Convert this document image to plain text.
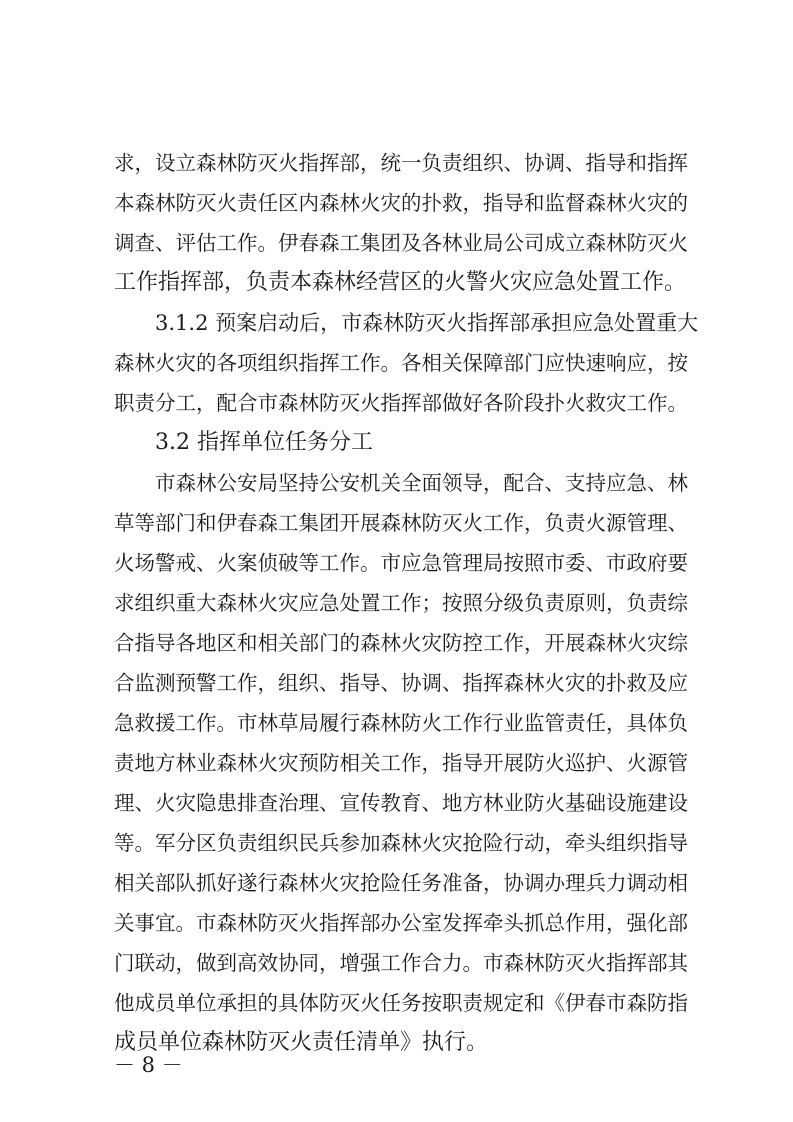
求，设立森林防灭火指挥部，统一负责组织、协调、指导和指挥
本森林防灭火责任区内森林火灾的扑救，指导和监督森林火灾的
调查、评估工作。伊春森工集团及各林业局公司成立森林防灭火
工作指挥部，负责本森林经营区的火警火灾应急处置工作。
3.1.2 预案启动后，市森林防灭火指挥部承担应急处置重大
森林火灾的各项组织指挥工作。各相关保障部门应快速响应，按
职责分工，配合市森林防灭火指挥部做好各阶段扑火救灾工作。
3.2 指挥单位任务分工
市森林公安局坚持公安机关全面领导，配合、支持应急、林
草等部门和伊春森工集团开展森林防灭火工作，负责火源管理、
火场警戒、火案侦破等工作。市应急管理局按照市委、市政府要
求组织重大森林火灾应急处置工作；按照分级负责原则，负责综
合指导各地区和相关部门的森林火灾防控工作，开展森林火灾综
合监测预警工作，组织、指导、协调、指挥森林火灾的扑救及应
急救援工作。市林草局履行森林防火工作行业监管责任，具体负
责地方林业森林火灾预防相关工作，指导开展防火巡护、火源管
理、火灾隐患排查治理、宣传教育、地方林业防火基础设施建设
等。军分区负责组织民兵参加森林火灾抢险行动，牵头组织指导
相关部队抓好遂行森林火灾抢险任务准备，协调办理兵力调动相
关事宜。市森林防灭火指挥部办公室发挥牵头抓总作用，强化部
门联动，做到高效协同，增强工作合力。市森林防灭火指挥部其
他成员单位承担的具体防灭火任务按职责规定和《伊春市森防指
成员单位森林防灭火责任清单》执行。
－ 8 －
